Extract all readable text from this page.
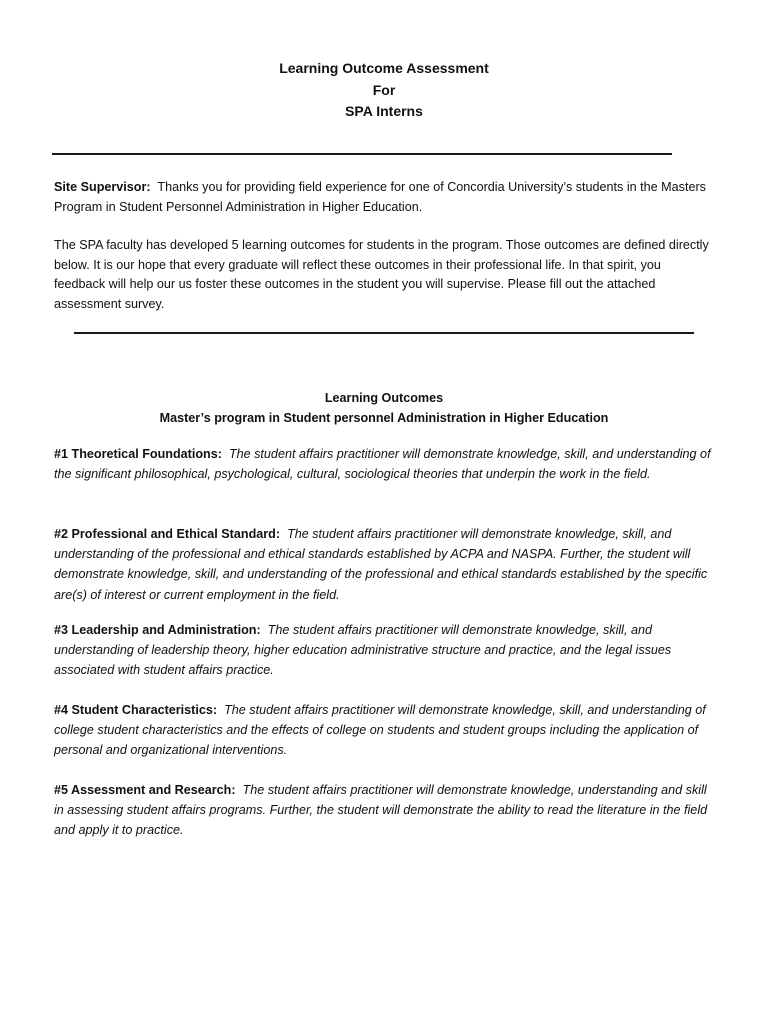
Learning Outcome Assessment
For
SPA Interns

Site Supervisor: Thanks you for providing field experience for one of Concordia University’s students in the Masters Program in Student Personnel Administration in Higher Education.

The SPA faculty has developed 5 learning outcomes for students in the program. Those outcomes are defined directly below. It is our hope that every graduate will reflect these outcomes in their professional life. In that spirit, you feedback will help our us foster these outcomes in the student you will supervise. Please fill out the attached assessment survey.

Learning Outcomes
Master’s program in Student personnel Administration in Higher Education

#1 Theoretical Foundations: The student affairs practitioner will demonstrate knowledge, skill, and understanding of the significant philosophical, psychological, cultural, sociological theories that underpin the work in the field.

#2 Professional and Ethical Standard: The student affairs practitioner will demonstrate knowledge, skill, and understanding of the professional and ethical standards established by ACPA and NASPA. Further, the student will demonstrate knowledge, skill, and understanding of the professional and ethical standards established by the specific are(s) of interest or current employment in the field.

#3 Leadership and Administration: The student affairs practitioner will demonstrate knowledge, skill, and understanding of leadership theory, higher education administrative structure and practice, and the legal issues associated with student affairs practice.

#4 Student Characteristics: The student affairs practitioner will demonstrate knowledge, skill, and understanding of college student characteristics and the effects of college on students and student groups including the application of personal and organizational interventions.

#5 Assessment and Research: The student affairs practitioner will demonstrate knowledge, understanding and skill in assessing student affairs programs. Further, the student will demonstrate the ability to read the literature in the field and apply it to practice.
